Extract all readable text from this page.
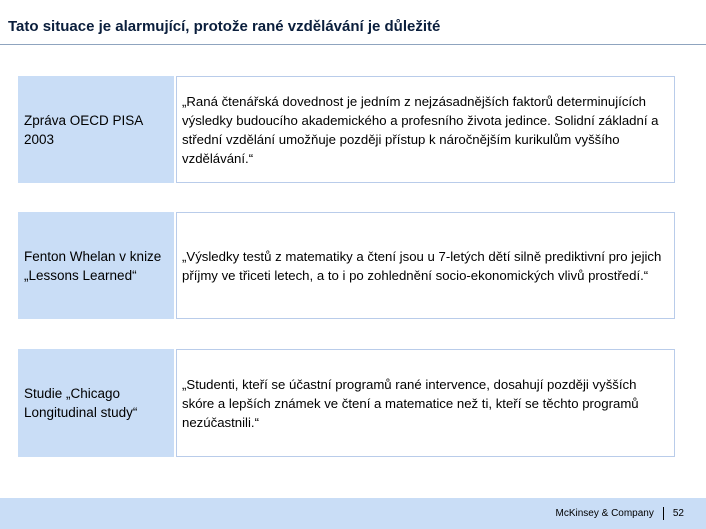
Tato situace je alarmující, protože rané vzdělávání je důležité
Zpráva OECD PISA 2003
„Raná čtenářská dovednost je jedním z nejzásadnějších faktorů determinujících výsledky budoucího akademického a profesního života jedince. Solidní základní a střední vzdělání umožňuje později přístup k náročnějším kurikulům vyššího vzdělávání.“
Fenton Whelan v knize „Lessons Learned“
„Výsledky testů z matematiky a čtení jsou u 7-letých dětí silně prediktivní pro jejich příjmy ve třiceti letech, a to i po zohlednění socio-ekonomických vlivů prostředí.“
Studie „Chicago Longitudinal study“
„Studenti, kteří se účastní programů rané intervence, dosahují později vyšších skóre a lepších známek ve čtení a matematice než ti, kteří se těchto programů nezúčastnili.“
McKinsey & Company 52
